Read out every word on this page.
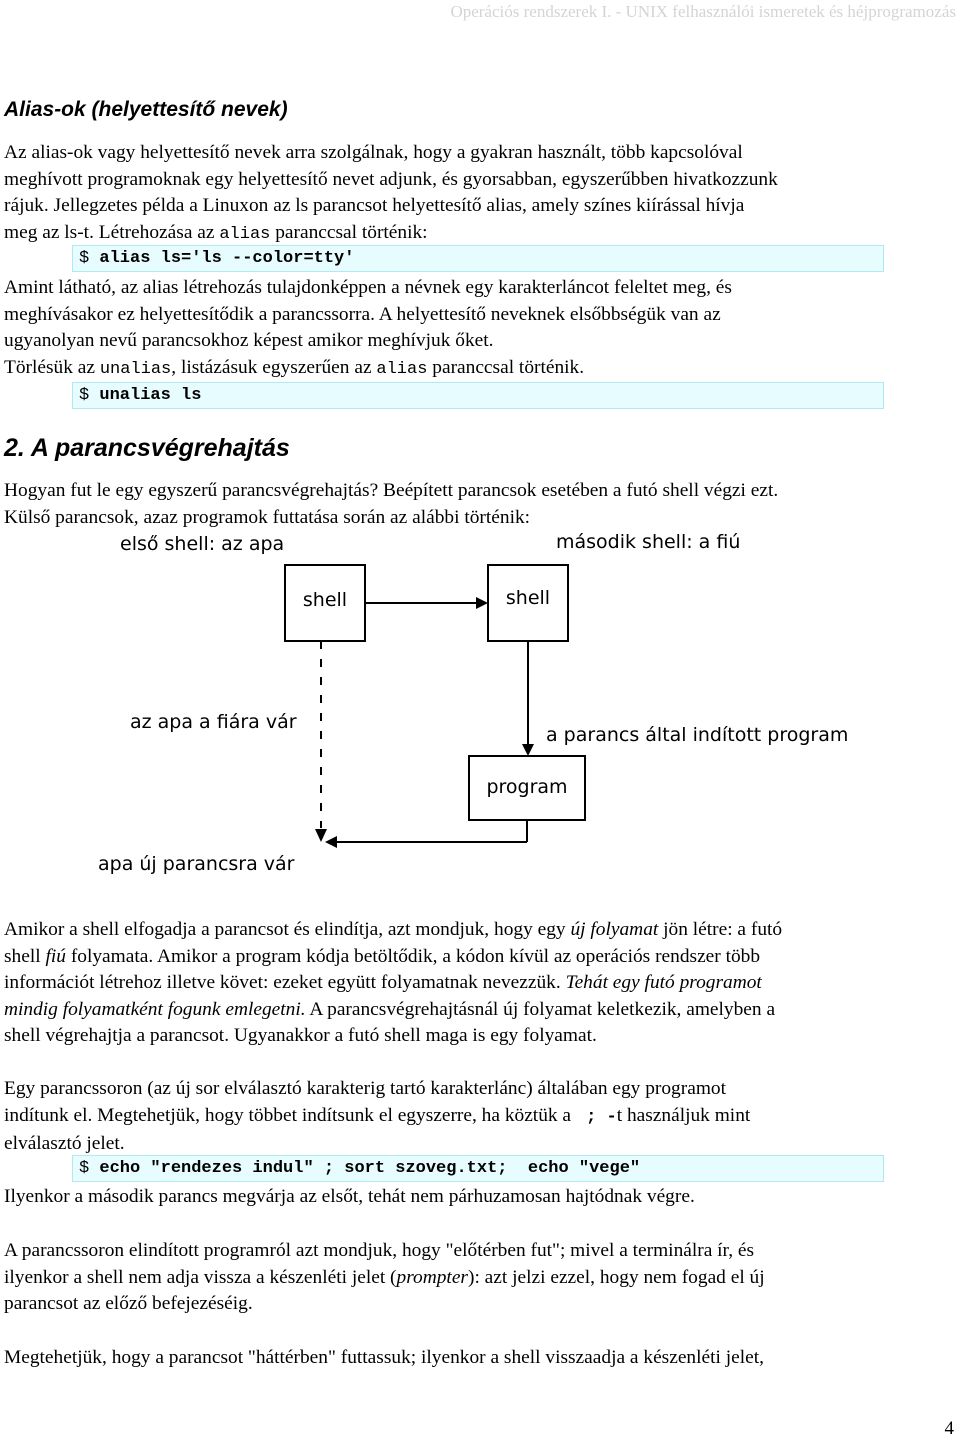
Operációs rendszerek I. - UNIX felhasználói ismeretek és héjprogramozás
Alias-ok (helyettesítő nevek)
Az alias-ok vagy helyettesítő nevek arra szolgálnak, hogy a gyakran használt, több kapcsolóval
meghívott programoknak egy helyettesítő nevet adjunk, és gyorsabban, egyszerűbben hivatkozzunk
rájuk. Jellegzetes példa a Linuxon az ls parancsot helyettesítő alias, amely színes kiírással hívja
meg az ls-t. Létrehozása az alias paranccsal történik:
$ alias ls='ls --color=tty'
Amint látható, az alias létrehozás tulajdonképpen a névnek egy karakterláncot feleltet meg, és
meghívásakor ez helyettesítődik a parancssorra. A helyettesítő neveknek elsőbbségük van az
ugyanolyan nevű parancsokhoz képest amikor meghívjuk őket.
Törlésük az unalias, listázásuk egyszerűen az alias paranccsal történik.
$ unalias ls
2. A parancsvégrehajtás
Hogyan fut le egy egyszerű parancsvégrehajtás? Beépített parancsok esetében a futó shell végzi ezt.
Külső parancsok, azaz programok futtatása során az alábbi történik:
első shell: az apa	második shell: a fiú
shell	shell
az apa a fiára vár
a parancs által indított program
program
apa új parancsra vár
Amikor a shell elfogadja a parancsot és elindítja, azt mondjuk, hogy egy új folyamat jön létre: a futó
shell fiú folyamata. Amikor a program kódja betöltődik, a kódon kívül az operációs rendszer több
információt létrehoz illetve követ: ezeket együtt folyamatnak nevezzük. Tehát egy futó programot
mindig folyamatként fogunk emlegetni. A parancsvégrehajtásnál új folyamat keletkezik, amelyben a
shell végrehajtja a parancsot. Ugyanakkor a futó shell maga is egy folyamat.
Egy parancssoron (az új sor elválasztó karakterig tartó karakterlánc) általában egy programot
indítunk el. Megtehetjük, hogy többet indítsunk el egyszerre, ha köztük a  ; -t használjuk mint
elválasztó jelet.
$ echo "rendezes indul" ; sort szoveg.txt;  echo "vege"
Ilyenkor a második parancs megvárja az elsőt, tehát nem párhuzamosan hajtódnak végre.
A parancssoron elindított programról azt mondjuk, hogy "előtérben fut"; mivel a terminálra ír, és
ilyenkor a shell nem adja vissza a készenléti jelet (prompter): azt jelzi ezzel, hogy nem fogad el új
parancsot az előző befejezéséig.
Megtehetjük, hogy a parancsot "háttérben" futtassuk; ilyenkor a shell visszaadja a készenléti jelet,
4
